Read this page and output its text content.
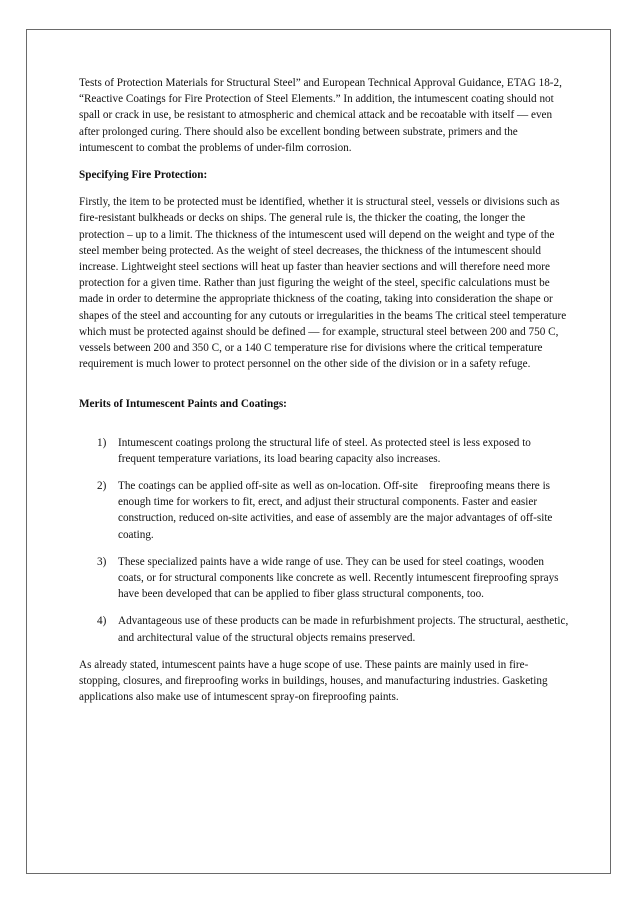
Tests of Protection Materials for Structural Steel” and European Technical Approval Guidance, ETAG 18-2, “Reactive Coatings for Fire Protection of Steel Elements.” In addition, the intumescent coating should not spall or crack in use, be resistant to atmospheric and chemical attack and be recoatable with itself — even after prolonged curing. There should also be excellent bonding between substrate, primers and the intumescent to combat the problems of under-film corrosion.

Specifying Fire Protection:

Firstly, the item to be protected must be identified, whether it is structural steel, vessels or divisions such as fire-resistant bulkheads or decks on ships. The general rule is, the thicker the coating, the longer the protection – up to a limit. The thickness of the intumescent used will depend on the weight and type of the steel member being protected. As the weight of steel decreases, the thickness of the intumescent should increase. Lightweight steel sections will heat up faster than heavier sections and will therefore need more protection for a given time. Rather than just figuring the weight of the steel, specific calculations must be made in order to determine the appropriate thickness of the coating, taking into consideration the shape or shapes of the steel and accounting for any cutouts or irregularities in the beams The critical steel temperature which must be protected against should be defined — for example, structural steel between 200 and 750 C, vessels between 200 and 350 C, or a 140 C temperature rise for divisions where the critical temperature requirement is much lower to protect personnel on the other side of the division or in a safety refuge.

Merits of Intumescent Paints and Coatings:

1) Intumescent coatings prolong the structural life of steel. As protected steel is less exposed to frequent temperature variations, its load bearing capacity also increases.
2) The coatings can be applied off-site as well as on-location. Off-site    fireproofing means there is enough time for workers to fit, erect, and adjust their structural components. Faster and easier construction, reduced on-site activities, and ease of assembly are the major advantages of off-site coating.
3) These specialized paints have a wide range of use. They can be used for steel coatings, wooden coats, or for structural components like concrete as well. Recently intumescent fireproofing sprays have been developed that can be applied to fiber glass structural components, too.
4) Advantageous use of these products can be made in refurbishment projects. The structural, aesthetic, and architectural value of the structural objects remains preserved.

As already stated, intumescent paints have a huge scope of use. These paints are mainly used in fire-stopping, closures, and fireproofing works in buildings, houses, and manufacturing industries. Gasketing applications also make use of intumescent spray-on fireproofing paints.
